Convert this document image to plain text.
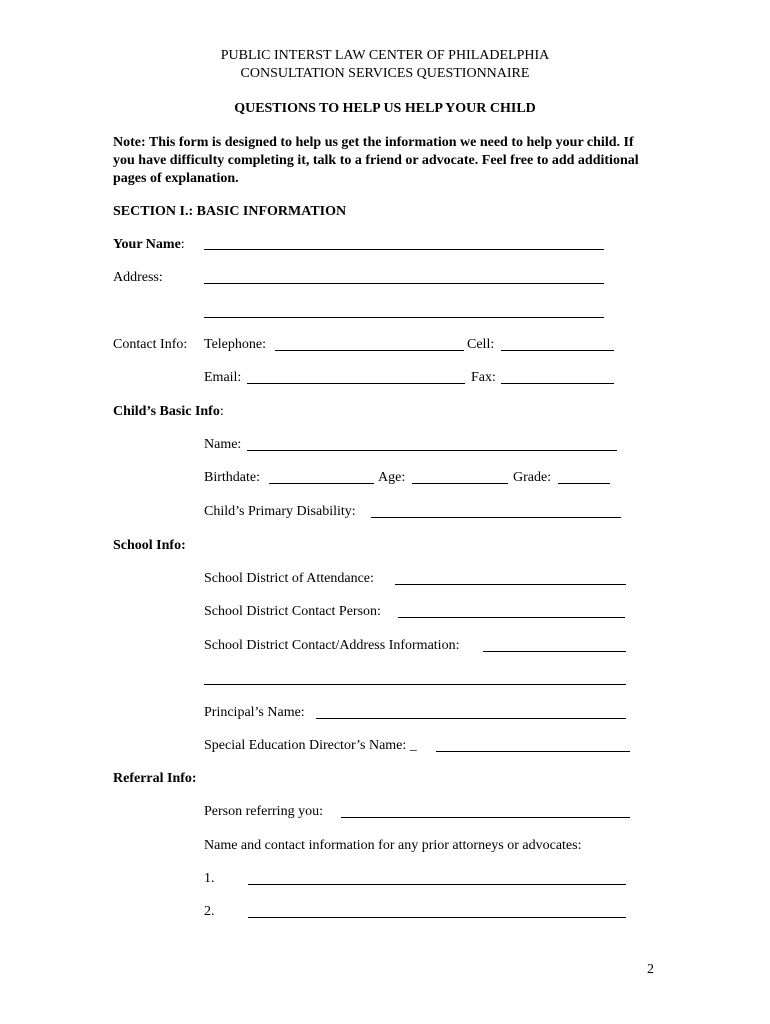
PUBLIC INTERST LAW CENTER OF PHILADELPHIA
CONSULTATION SERVICES QUESTIONNAIRE
QUESTIONS TO HELP US HELP YOUR CHILD
Note: This form is designed to help us get the information we need to help your child. If you have difficulty completing it, talk to a friend or advocate. Feel free to add additional pages of explanation.
SECTION I.: BASIC INFORMATION
Your Name:
Address:
Contact Info: Telephone:	Cell:
Email:	Fax:
Child’s Basic Info:
Name:
Birthdate:	Age:	Grade:
Child’s Primary Disability:
School Info:
School District of Attendance:
School District Contact Person:
School District Contact/Address Information:
Principal’s Name:
Special Education Director’s Name: _
Referral Info:
Person referring you:
Name and contact information for any prior attorneys or advocates:
1.
2.
2
